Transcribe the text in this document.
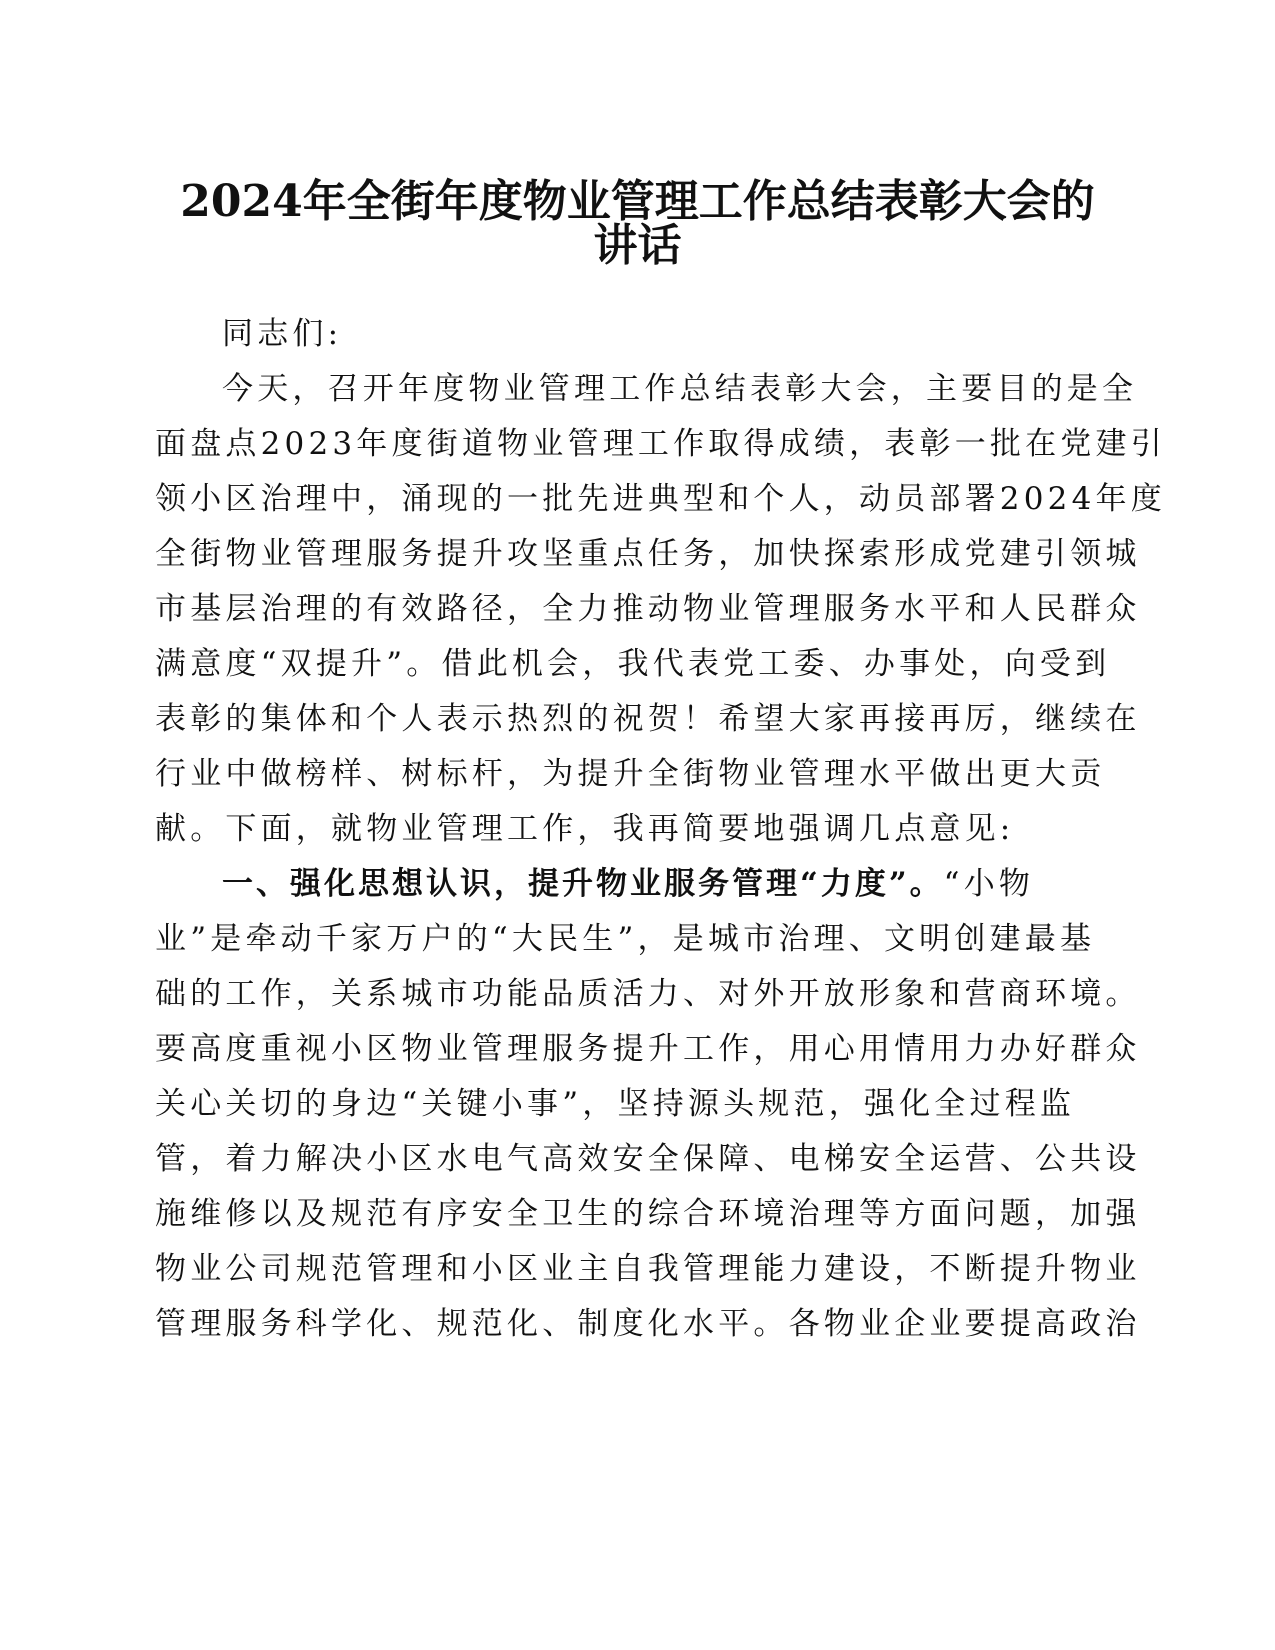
2024年全街年度物业管理工作总结表彰大会的
讲话
同志们:
今天，召开年度物业管理工作总结表彰大会，主要目的是全
面盘点2023年度街道物业管理工作取得成绩，表彰一批在党建引
领小区治理中，涌现的一批先进典型和个人，动员部署2024年度
全街物业管理服务提升攻坚重点任务，加快探索形成党建引领城
市基层治理的有效路径，全力推动物业管理服务水平和人民群众
满意度“双提升”。借此机会，我代表党工委、办事处，向受到
表彰的集体和个人表示热烈的祝贺！希望大家再接再厉，继续在
行业中做榜样、树标杆，为提升全街物业管理水平做出更大贡
献。下面，就物业管理工作，我再简要地强调几点意见:
一、强化思想认识，提升物业服务管理“力度”。“小物
业”是牵动千家万户的“大民生”，是城市治理、文明创建最基
础的工作，关系城市功能品质活力、对外开放形象和营商环境。
要高度重视小区物业管理服务提升工作，用心用情用力办好群众
关心关切的身边“关键小事”，坚持源头规范，强化全过程监
管，着力解决小区水电气高效安全保障、电梯安全运营、公共设
施维修以及规范有序安全卫生的综合环境治理等方面问题，加强
物业公司规范管理和小区业主自我管理能力建设，不断提升物业
管理服务科学化、规范化、制度化水平。各物业企业要提高政治
